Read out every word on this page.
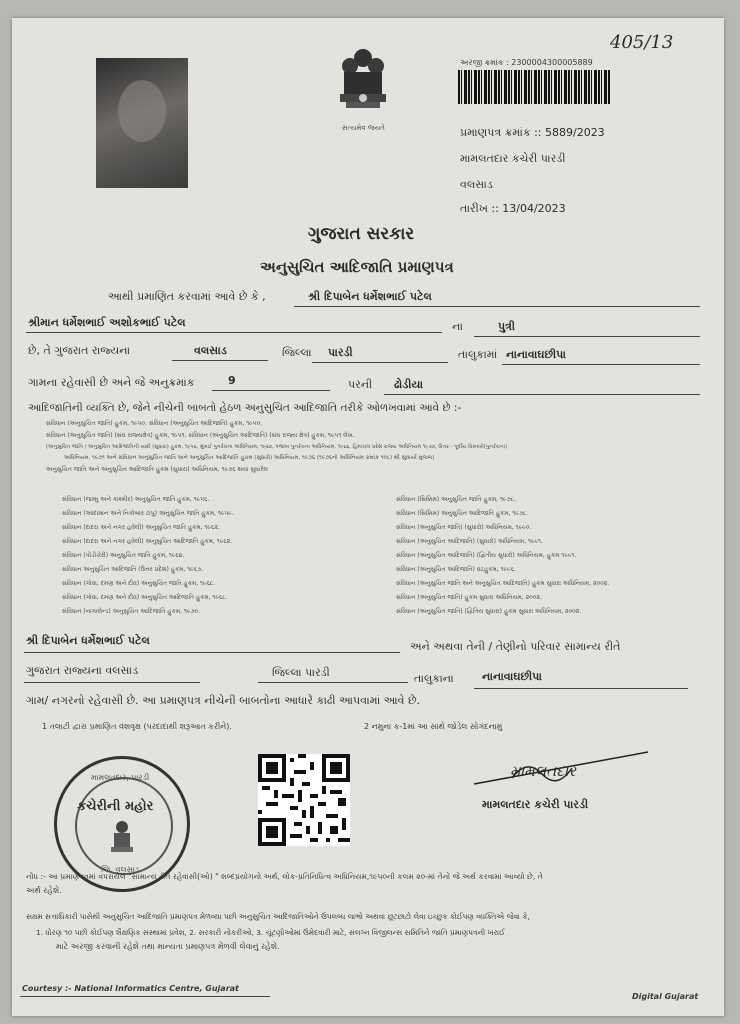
સત્યમેવ જયતે
405/13
અરજી ક્રમાંક : 2300004300005889
પ્રમાણપત્ર ક્રમાંક :: 5889/2023
મામલતદાર કચેરી પારડી
વલસાડ
તારીખ :: 13/04/2023
ગુજરાત સરકાર
અનુસુચિત આદિજાતિ પ્રમાણપત્ર
આથી પ્રમાણિત કરવામાં આવે છે કે ,	શ્રી દિપાબેન ધર્મેશભાઈ પટેલ
શ્રીમાન ધર્મેશભાઈ અશોકભાઈ પટેલ	ના	પુત્રી
છે, તે ગુજરાત રાજ્યના	વલસાડ	જિલ્લા પારડી	તાલુકામાં નાનાવાઘછીપા
ગામના રહેવાસી છે અને જે અનુક્રમાંક	9	પરની ઢોડીયા
આદિજાતિની વ્યક્તિ છે, જેને નીચેની બાબતો હેઠળ અનુસુચિત આદિજાતિ તરીકે ઓળખવામાં આવે છે :-
સંવિધાન (અનુસુચિત જાતિ) હુકમ, ૧૯૫૦. સંવિધાન (અનુસુચિત આદિજાતિ) હુકમ, ૧૯૫૦.
સંવિધાન (અનુસુચિત જાતિ) (સંઘ રાજ્યક્ષેત્ર) હુકમ, ૧૯૫૧. સંવિધાન (અનુસુચિત આદિજાતિ) (સંઘ રાજ્ય ક્ષેત્ર) હુકમ, ૧૯૫૧ લેખ.
(અનુસુચિત જાતિ / અનુસુચિત આદિજાતિની યાદી (સુધારા) હુકમ, ૧૯૫૬, મુંબઈ પુનર્રચના અધિનિયમ, ૧૯૬૦, પંજાબ પુનર્રચના અધિનિયમ, ૧૯૬૬, હિમાચલ પ્રદેશ રાજ્ય અધિનિયમ ૧૯૭૦, ઉત્તર - પૂર્વીય વિસ્તારો(પુનર્રચના)
અધિનિયમ, ૧૯૭૧ અને સંવિધાન અનુસુચિત જાતિ અને અનુસુચિત આદિજાતિ હુકમ (સુધારો) અધિનિયમ, ૧૯૭૬ (૧૯૭૬નો અધિનિયમ ક્રમાંક ૧૦૮) થી સુધાર્યા મુજબ)
અનુસુચિત જાતિ અને અનુસુચિત આદિજાતિ હુકમ (સુધારા) અધિનિયમ, ૧૯૭૬ થયા સુધારેલ
સંવિધાન (જમ્મુ અને કાશ્મીર) અનુસુચિત જાતિ હુકમ, ૧૯૫૬.
સંવિધાન (આંદામાન અને નિકોબાર ટાપુ) અનુસુચિત જાતિ હુકમ, ૧૯૫૯.
સંવિધાન (દાદરા અને નગર હવેલી) અનુસુચિત જાતિ હુકમ, ૧૯૬૨.
સંવિધાન (દાદરા અને નગર હવેલી) અનુસુચિત આદિજાતિ હુકમ, ૧૯૬૨.
સંવિધાન (પોંડીચેરી) અનુસુચિત જાતિ હુકમ, ૧૯૬૪.
સંવિધાન અનુસુચિત આદિજાતિ (ઉત્તર પ્રદેશ) હુકમ, ૧૯૬૭.
સંવિધાન (ગોવા, દમણ અને દીવ) અનુસુચિત જાતિ હુકમ, ૧૯૬૮.
સંવિધાન (ગોવા, દમણ અને દીવ) અનુસુચિત આદિજાતિ હુકમ, ૧૯૬૮.
સંવિધાન (નાગાલેન્ડ) અનુસુચિત આદિજાતિ હુકમ, ૧૯૭૦.
સંવિધાન (સિક્કિમ) અનુસુચિત જાતિ હુકમ, ૧૯૭૮.
સંવિધાન (સિક્કિમ) અનુસુચિત આદિજાતિ હુકમ, ૧૯૭૮.
સંવિધાન (અનુસુચિત જાતિ) (સુધારો) અધિનિયમ, ૧૯૯૦.
સંવિધાન (અનુસુચિત આદિજાતિ) (સુધારો) અધિનિયમ, ૧૯૯૧.
સંવિધાન (અનુસુચિત આદિજાતિ) (દ્વિતીય સુધારો) અધિનિયમ, હુકમ ૧૯૯૧.
સંવિધાન (અનુસુચિત આદિજાતિ) વટહુકમ, ૧૯૯૬.
સંવિધાન (અનુસુચિત જાતિ અને અનુસુચિત આદિજાતિ) હુકમ સુધારા અધિનિયમ, ૨૦૦૨.
સંવિધાન (અનુસુચિત જાતિ) હુકમ સુધારા અધિનિયમ, ૨૦૦૨.
સંવિધાન (અનુસુચિત જાતિ) (દ્વિતિય સુધારા) હુકમ સુધારા અધિનિયમ, ૨૦૦૨.
શ્રી દિપાબેન ધર્મેશભાઈ પટેલ	અને અથવા તેની / તેણીનો પરિવાર સામાન્ય રીતે
ગુજરાત રાજ્યના વલસાડ	જિલ્લા પારડી	તાલુકાના	નાનાવાઘછીપા
ગામ/ નગરનો રહેવાસી છે. આ પ્રમાણપત્ર નીચેની બાબતોના આધારે કાઢી આપવામાં આવે છે.
1 તલાટી દ્વારા પ્રમાણિત વંશવૃક્ષ (પરદાદાથી શરૂઆત કરીને).	2 નમુના ક-1માં આ સાથે જોડેલ સોગંદનામું
મામલતદાર, પારડી
કચેરીની મહોર
જિ. વલસાડ
મામલતદાર
મામલતદાર કચેરી પારડી
નોંધ :- આ પ્રમાણપત્રમાં વપરાયેલ "સામાન્ય રીતે રહેવાસી(ઓ) " શબ્દપ્રયોગનો અર્થ, લોક-પ્રતિનિધિત્વ અધિનિયમ,૧૯૫૦ની કલમ ૨૦-માં તેનો જે અર્થ કરવામાં આવ્યો છે, તે
અર્થ રહેશે.
સક્ષમ સત્તાધિકારી પાસેથી અનુસુચિત આદિજાતિ પ્રમાણપત્ર મેળવ્યા પછી અનુસુચિત આદિજાતિઓને ઉપલબ્ધ લાભો અથવા છૂટછાટો લેવા ઇચ્છુક કોઈપણ વ્યક્તિએ જેવા કે,
1. ધોરણ ૧૦ પછી કોઈપણ શૈક્ષણિક સંસ્થામાં પ્રવેશ, 2. સરકારી નોકરીઓ, 3. ચૂંટણીઓમાં ઉમેદવારી માટે, સંલગ્ન વિજીલન્સ સમિતિને જાતિ પ્રમાણપત્રની ખરાઈ
માટે અરજી કરવાની રહેશે તથા માન્યતા પ્રમાણપત્ર મેળવી લેવાનું રહેશે.
Courtesy :- National Informatics Centre, Gujarat
Digital Gujarat
